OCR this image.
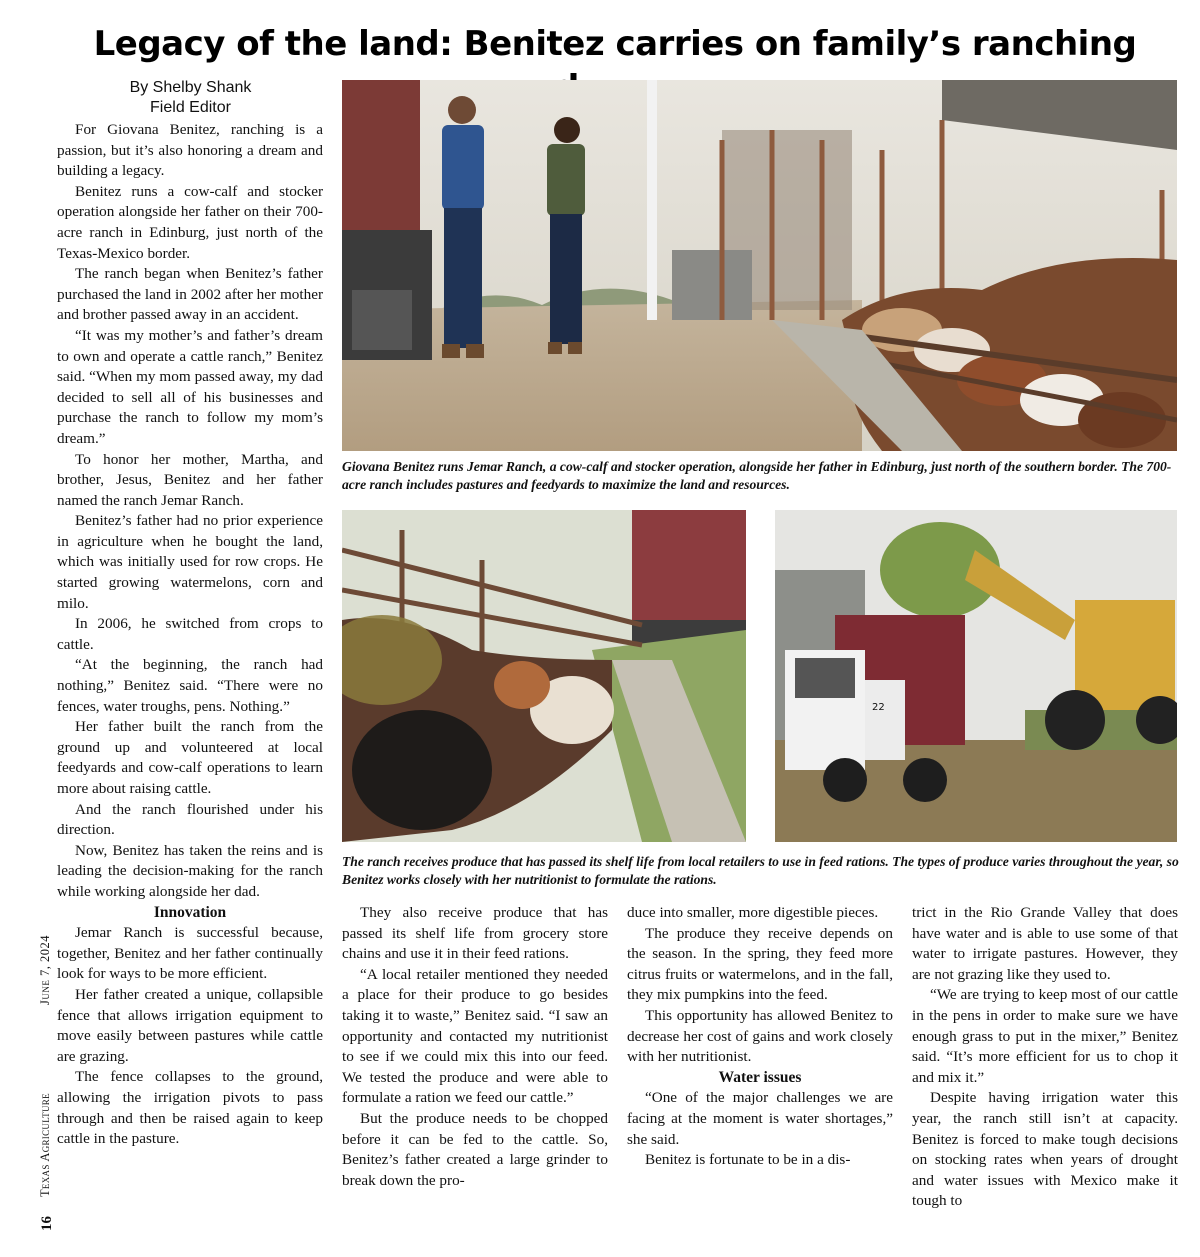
Legacy of the land: Benitez carries on family’s ranching
By Shelby Shank
Field Editor

For Giovana Benitez, ranching is a passion, but it’s also honoring a dream and building a legacy.

Benitez runs a cow-calf and stocker operation alongside her father on their 700-acre ranch in Edinburg, just north of the Texas-Mexico border.

The ranch began when Benitez’s father purchased the land in 2002 after her mother and brother passed away in an accident.

“It was my mother’s and father’s dream to own and operate a cattle ranch,” Benitez said. “When my mom passed away, my dad decided to sell all of his businesses and purchase the ranch to follow my mom’s dream.”

To honor her mother, Martha, and brother, Jesus, Benitez and her father named the ranch Jemar Ranch.

Benitez’s father had no prior experience in agriculture when he bought the land, which was initially used for row crops. He started growing watermelons, corn and milo.

In 2006, he switched from crops to cattle.

“At the beginning, the ranch had nothing,” Benitez said. “There were no fences, water troughs, pens. Nothing.”

Her father built the ranch from the ground up and volunteered at local feedyards and cow-calf operations to learn more about raising cattle.

And the ranch flourished under his direction.

Now, Benitez has taken the reins and is leading the decision-making for the ranch while working alongside her dad.

Innovation

Jemar Ranch is successful because, together, Benitez and her father continually look for ways to be more efficient.

Her father created a unique, collapsible fence that allows irrigation equipment to move easily between pastures while cattle are grazing.

The fence collapses to the ground, allowing the irrigation pivots to pass through and then be raised again to keep cattle in the pasture.

June 7, 2024
Texas Agriculture
16
Giovana Benitez runs Jemar Ranch, a cow-calf and stocker operation, alongside her father in Edinburg, just north of the southern border. The 700-acre ranch includes pastures and feedyards to maximize the land and resources.
22
The ranch receives produce that has passed its shelf life from local retailers to use in feed rations. The types of produce varies throughout the year, so Benitez works closely with her nutritionist to formulate the rations.

They also receive produce that has passed its shelf life from grocery store chains and use it in their feed rations.

“A local retailer mentioned they needed a place for their produce to go besides taking it to waste,” Benitez said. “I saw an opportunity and contacted my nutritionist to see if we could mix this into our feed. We tested the produce and were able to formulate a ration we feed our cattle.”

But the produce needs to be chopped before it can be fed to the cattle. So, Benitez’s father created a large grinder to break down the pro-

duce into smaller, more digestible pieces.

The produce they receive depends on the season. In the spring, they feed more citrus fruits or watermelons, and in the fall, they mix pumpkins into the feed.

This opportunity has allowed Benitez to decrease her cost of gains and work closely with her nutritionist.

Water issues

“One of the major challenges we are facing at the moment is water shortages,” she said.

Benitez is fortunate to be in a dis-

trict in the Rio Grande Valley that does have water and is able to use some of that water to irrigate pastures. However, they are not grazing like they used to.

“We are trying to keep most of our cattle in the pens in order to make sure we have enough grass to put in the mixer,” Benitez said. “It’s more efficient for us to chop it and mix it.”

Despite having irrigation water this year, the ranch still isn’t at capacity. Benitez is forced to make tough decisions on stocking rates when years of drought and water issues with Mexico make it tough to
